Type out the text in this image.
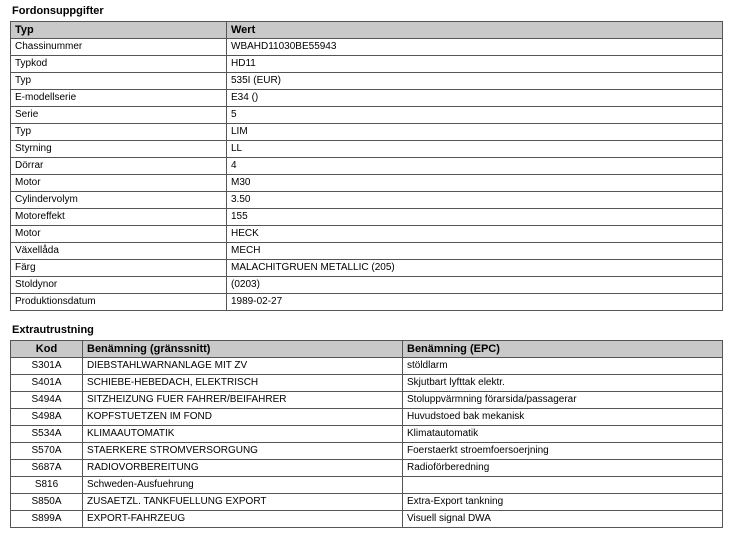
Fordonsuppgifter
Typ	Wert
Chassinummer	WBAHD11030BE55943
Typkod	HD11
Typ	535I (EUR)
E-modellserie	E34 ()
Serie	5
Typ	LIM
Styrning	LL
Dörrar	4
Motor	M30
Cylindervolym	3.50
Motoreffekt	155
Motor	HECK
Växellåda	MECH
Färg	MALACHITGRUEN METALLIC (205)
Stoldynor	(0203)
Produktionsdatum	1989-02-27
Extrautrustning
Kod	Benämning (gränssnitt)	Benämning (EPC)
S301A	DIEBSTAHLWARNANLAGE MIT ZV	stöldlarm
S401A	SCHIEBE-HEBEDACH, ELEKTRISCH	Skjutbart lyfttak elektr.
S494A	SITZHEIZUNG FUER FAHRER/BEIFAHRER	Stoluppvärmning förarsida/passagerar
S498A	KOPFSTUETZEN IM FOND	Huvudstoed bak mekanisk
S534A	KLIMAAUTOMATIK	Klimatautomatik
S570A	STAERKERE STROMVERSORGUNG	Foerstaerkt stroemfoersoerjning
S687A	RADIOVORBEREITUNG	Radioförberedning
S816	Schweden-Ausfuehrung	
S850A	ZUSAETZL. TANKFUELLUNG EXPORT	Extra-Export tankning
S899A	EXPORT-FAHRZEUG	Visuell signal DWA
